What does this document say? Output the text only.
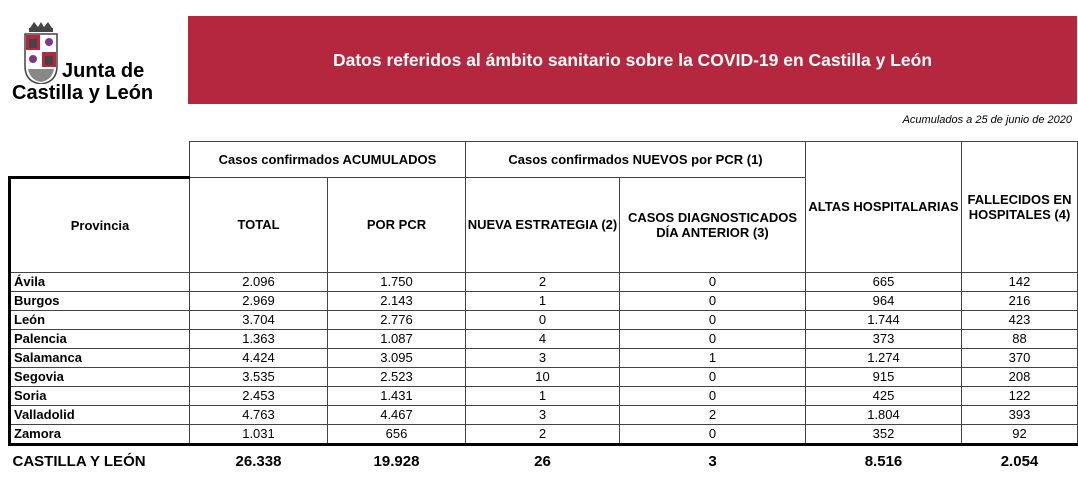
Junta de
Castilla y León
Datos referidos al ámbito sanitario sobre la COVID-19 en Castilla y León
Acumulados a 25 de junio de 2020
	Casos confirmados ACUMULADOS		Casos confirmados NUEVOS por PCR (1)		ALTAS HOSPITALARIAS	FALLECIDOS EN HOSPITALES (4)
Provincia	TOTAL	POR PCR	NUEVA ESTRATEGIA (2)	CASOS DIAGNOSTICADOS DÍA ANTERIOR (3)		
Ávila	2.096	1.750	2	0	665	142
Burgos	2.969	2.143	1	0	964	216
León	3.704	2.776	0	0	1.744	423
Palencia	1.363	1.087	4	0	373	88
Salamanca	4.424	3.095	3	1	1.274	370
Segovia	3.535	2.523	10	0	915	208
Soria	2.453	1.431	1	0	425	122
Valladolid	4.763	4.467	3	2	1.804	393
Zamora	1.031	656	2	0	352	92
CASTILLA Y LEÓN	26.338	19.928	26	3	8.516	2.054
